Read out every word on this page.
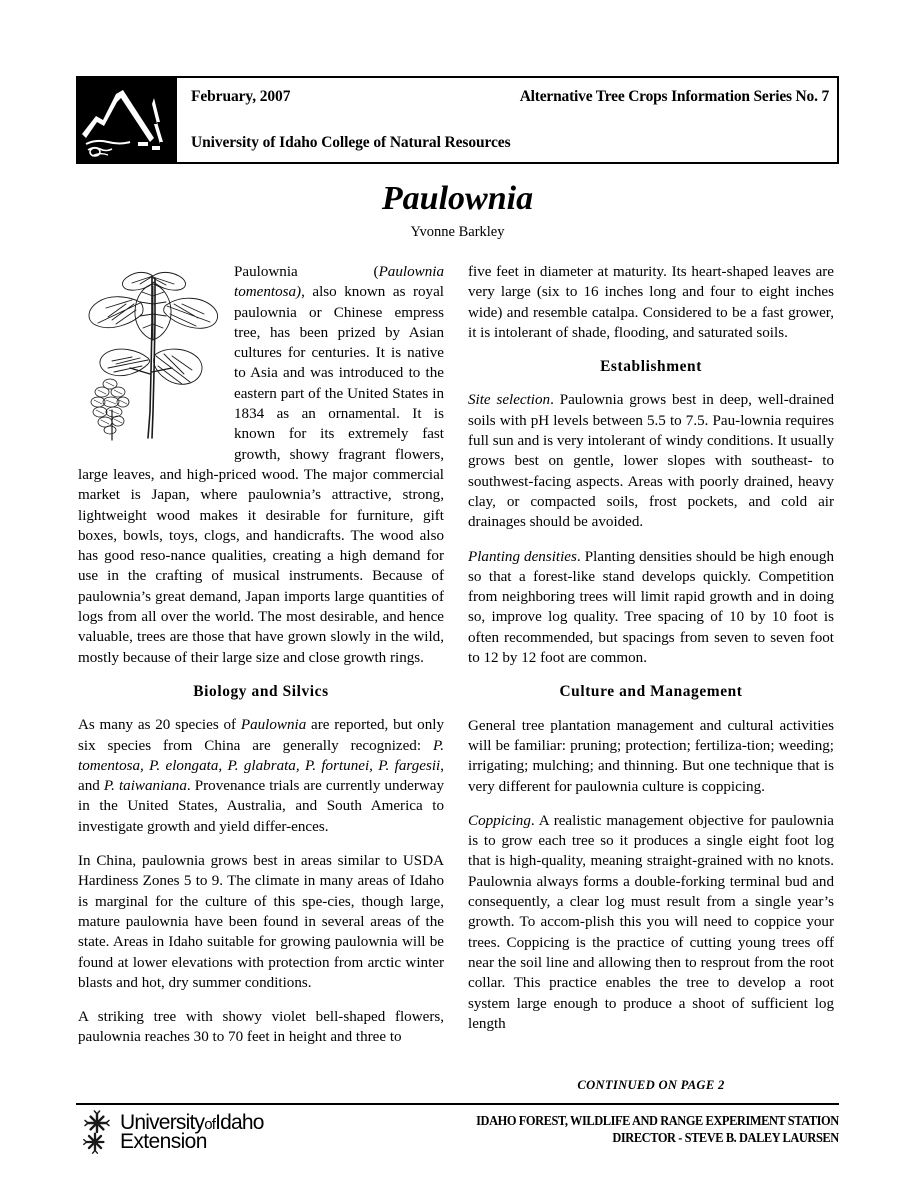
February, 2007	Alternative Tree Crops Information Series No. 7
University of Idaho College of Natural Resources
Paulownia
Yvonne Barkley

Paulownia (Paulownia tomentosa), also known as royal paulownia or Chinese empress tree, has been prized by Asian cultures for centuries. It is native to Asia and was introduced to the eastern part of the United States in 1834 as an ornamental. It is known for its extremely fast growth, showy fragrant flowers, large leaves, and high-priced wood. The major commercial market is Japan, where paulownia’s attractive, strong, lightweight wood makes it desirable for furniture, gift boxes, bowls, toys, clogs, and handicrafts. The wood also has good reso-nance qualities, creating a high demand for use in the crafting of musical instruments. Because of paulownia’s great demand, Japan imports large quantities of logs from all over the world. The most desirable, and hence valuable, trees are those that have grown slowly in the wild, mostly because of their large size and close growth rings.

Biology and Silvics

As many as 20 species of Paulownia are reported, but only six species from China are generally recognized: P. tomentosa, P. elongata, P. glabrata, P. fortunei, P. fargesii, and P. taiwaniana. Provenance trials are currently underway in the United States, Australia, and South America to investigate growth and yield differ-ences.

In China, paulownia grows best in areas similar to USDA Hardiness Zones 5 to 9. The climate in many areas of Idaho is marginal for the culture of this spe-cies, though large, mature paulownia have been found in several areas of the state. Areas in Idaho suitable for growing paulownia will be found at lower elevations with protection from arctic winter blasts and hot, dry summer conditions.

A striking tree with showy violet bell-shaped flowers, paulownia reaches 30 to 70 feet in height and three to

five feet in diameter at maturity. Its heart-shaped leaves are very large (six to 16 inches long and four to eight inches wide) and resemble catalpa. Considered to be a fast grower, it is intolerant of shade, flooding, and saturated soils.

Establishment

Site selection. Paulownia grows best in deep, well-drained soils with pH levels between 5.5 to 7.5. Pau-lownia requires full sun and is very intolerant of windy conditions. It usually grows best on gentle, lower slopes with southeast- to southwest-facing aspects. Areas with poorly drained, heavy clay, or compacted soils, frost pockets, and cold air drainages should be avoided.

Planting densities. Planting densities should be high enough so that a forest-like stand develops quickly. Competition from neighboring trees will limit rapid growth and in doing so, improve log quality. Tree spacing of 10 by 10 foot is often recommended, but spacings from seven to seven foot to 12 by 12 foot are common.

Culture and Management

General tree plantation management and cultural activities will be familiar: pruning; protection; fertiliza-tion; weeding; irrigating; mulching; and thinning. But one technique that is very different for paulownia culture is coppicing.

Coppicing. A realistic management objective for paulownia is to grow each tree so it produces a single eight foot log that is high-quality, meaning straight-grained with no knots. Paulownia always forms a double-forking terminal bud and consequently, a clear log must result from a single year’s growth. To accom-plish this you will need to coppice your trees. Coppicing is the practice of cutting young trees off near the soil line and allowing then to resprout from the root collar. This practice enables the tree to develop a root system large enough to produce a shoot of sufficient log length

CONTINUED ON PAGE 2
UniversityofIdaho
Extension
IDAHO FOREST, WILDLIFE AND RANGE EXPERIMENT STATION
DIRECTOR - STEVE B. DALEY LAURSEN
